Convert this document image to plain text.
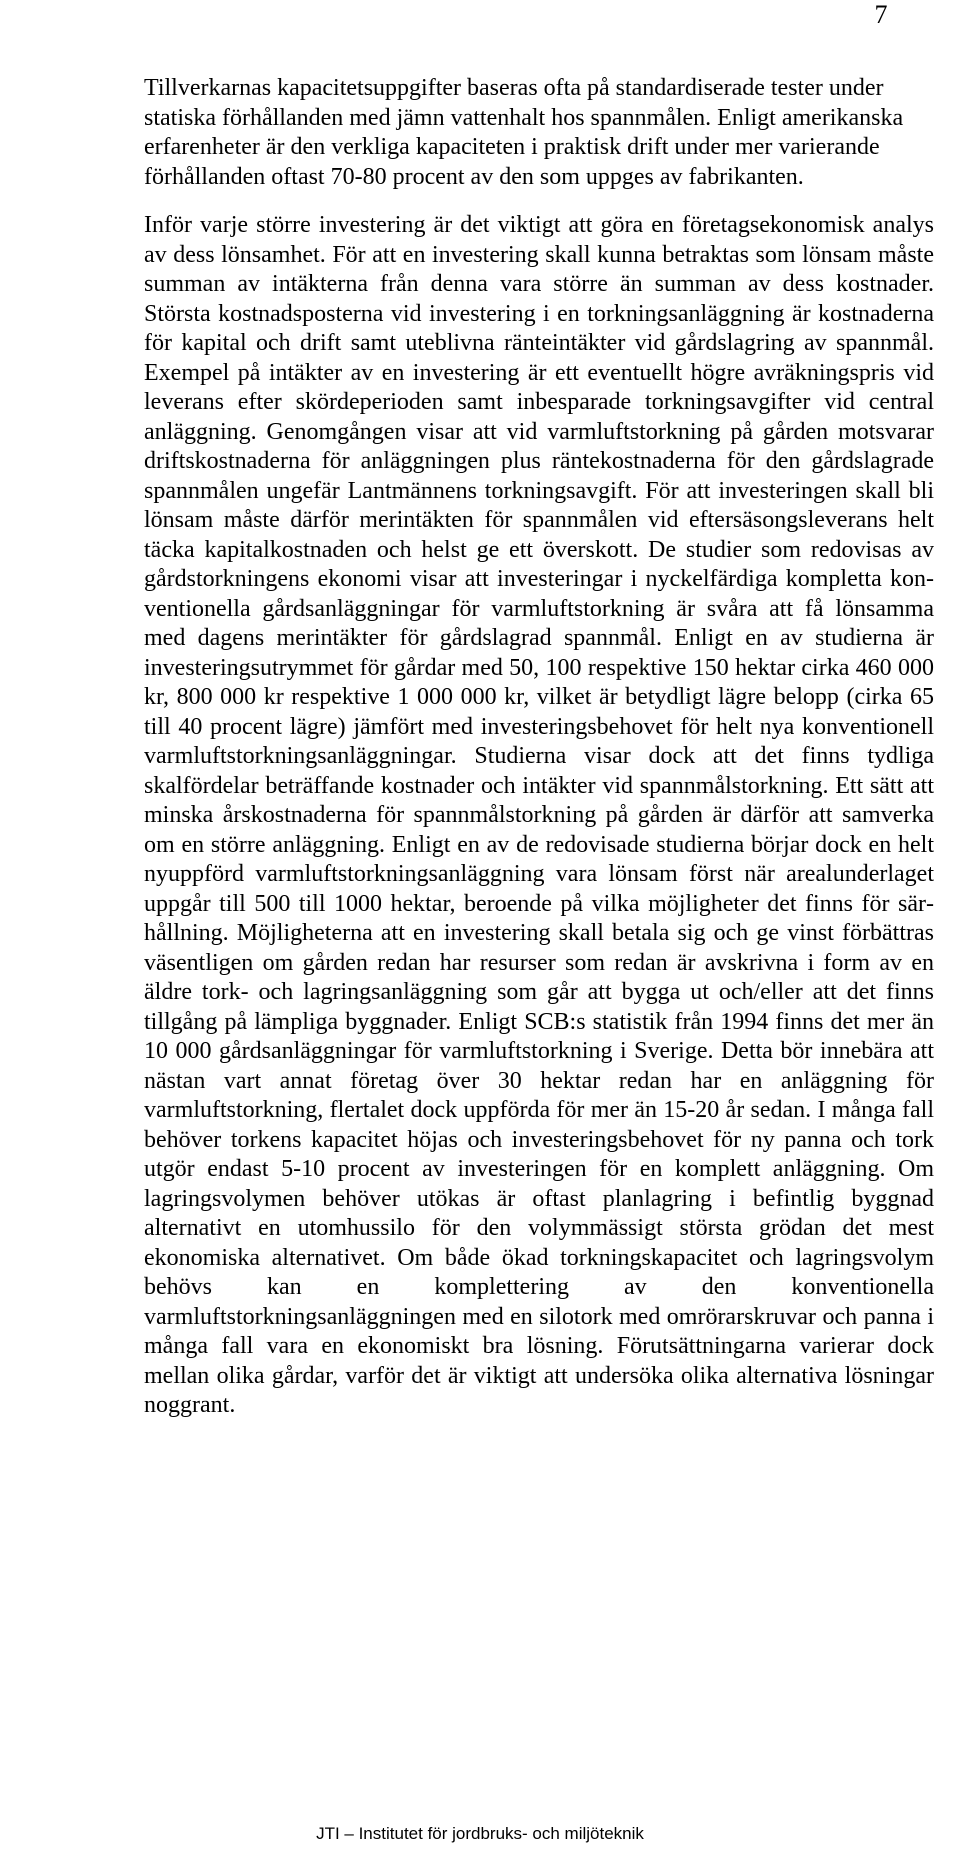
7

Tillverkarnas kapacitetsuppgifter baseras ofta på standardiserade tester under statiska förhållanden med jämn vattenhalt hos spannmålen. Enligt amerikanska erfarenheter är den verkliga kapaciteten i praktisk drift under mer varierande förhållanden oftast 70-80 procent av den som uppges av fabrikanten.

Inför varje större investering är det viktigt att göra en företagsekonomisk analys av dess lönsamhet. För att en investering skall kunna betraktas som lönsam måste summan av intäkterna från denna vara större än summan av dess kostnader. Största kostnadsposterna vid investering i en torkningsanläggning är kostnaderna för kapital och drift samt uteblivna ränteintäkter vid gårdslagring av spannmål. Exempel på intäkter av en investering är ett eventuellt högre avräkningspris vid leverans efter skördeperioden samt inbesparade torkningsavgifter vid central anläggning. Genomgången visar att vid varmluftstorkning på gården motsvarar driftskostnaderna för anläggningen plus räntekostnaderna för den gårdslagrade spannmålen ungefär Lantmännens torkningsavgift. För att investeringen skall bli lönsam måste därför merintäkten för spannmålen vid eftersäsongsleverans helt täcka kapitalkostnaden och helst ge ett överskott. De studier som redovisas av gårdstorkningens ekonomi visar att investeringar i nyckelfärdiga kompletta konventionella gårdsanläggningar för varmluftstorkning är svåra att få lönsamma med dagens merintäkter för gårdslagrad spannmål. Enligt en av studierna är investeringsutrymmet för gårdar med 50, 100 respektive 150 hektar cirka 460 000 kr, 800 000 kr respektive 1 000 000 kr, vilket är betydligt lägre belopp (cirka 65 till 40 procent lägre) jämfört med investeringsbehovet för helt nya konventionell varmluftstorkningsanläggningar. Studierna visar dock att det finns tydliga skalfördelar beträffande kostnader och intäkter vid spannmålstorkning. Ett sätt att minska årskostnaderna för spannmålstorkning på gården är därför att samverka om en större anläggning. Enligt en av de redovisade studierna börjar dock en helt nyuppförd varmluftstorkningsanläggning vara lönsam först när arealunderlaget uppgår till 500 till 1000 hektar, beroende på vilka möjligheter det finns för särhållning. Möjligheterna att en investering skall betala sig och ge vinst förbättras väsentligen om gården redan har resurser som redan är avskrivna i form av en äldre tork- och lagringsanläggning som går att bygga ut och/eller att det finns tillgång på lämpliga byggnader. Enligt SCB:s statistik från 1994 finns det mer än 10 000 gårdsanläggningar för varmluftstorkning i Sverige. Detta bör innebära att nästan vart annat företag över 30 hektar redan har en anläggning för varmluftstorkning, flertalet dock uppförda för mer än 15-20 år sedan. I många fall behöver torkens kapacitet höjas och investeringsbehovet för ny panna och tork utgör endast 5-10 procent av investeringen för en komplett anläggning. Om lagringsvolymen behöver utökas är oftast planlagring i befintlig byggnad alternativt en utomhussilo för den volymmässigt största grödan det mest ekonomiska alternativet. Om både ökad torkningskapacitet och lagringsvolym behövs kan en komplettering av den konventionella varmluftstorkningsanläggningen med en silotork med omrörarskruvar och panna i många fall vara en ekonomiskt bra lösning. Förutsättningarna varierar dock mellan olika gårdar, varför det är viktigt att undersöka olika alternativa lösningar noggrant.

JTI – Institutet för jordbruks- och miljöteknik
